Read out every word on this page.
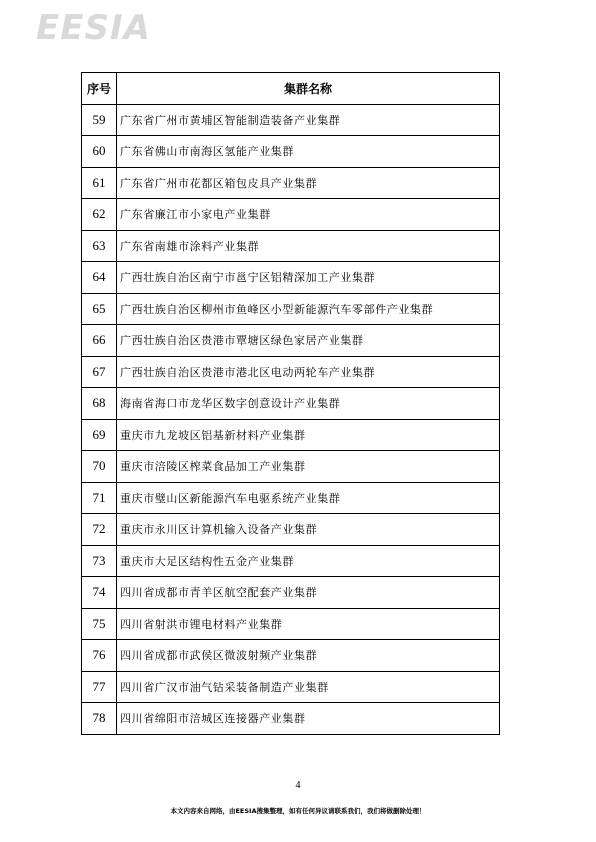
EESIA
序号	集群名称
59	广东省广州市黄埔区智能制造装备产业集群
60	广东省佛山市南海区氢能产业集群
61	广东省广州市花都区箱包皮具产业集群
62	广东省廉江市小家电产业集群
63	广东省南雄市涂料产业集群
64	广西壮族自治区南宁市邕宁区铝精深加工产业集群
65	广西壮族自治区柳州市鱼峰区小型新能源汽车零部件产业集群
66	广西壮族自治区贵港市覃塘区绿色家居产业集群
67	广西壮族自治区贵港市港北区电动两轮车产业集群
68	海南省海口市龙华区数字创意设计产业集群
69	重庆市九龙坡区铝基新材料产业集群
70	重庆市涪陵区榨菜食品加工产业集群
71	重庆市璧山区新能源汽车电驱系统产业集群
72	重庆市永川区计算机输入设备产业集群
73	重庆市大足区结构性五金产业集群
74	四川省成都市青羊区航空配套产业集群
75	四川省射洪市锂电材料产业集群
76	四川省成都市武侯区微波射频产业集群
77	四川省广汉市油气钻采装备制造产业集群
78	四川省绵阳市涪城区连接器产业集群
4
本文内容来自网络，由EESIA搜集整理，如有任何异议请联系我们，我们将做删除处理！
